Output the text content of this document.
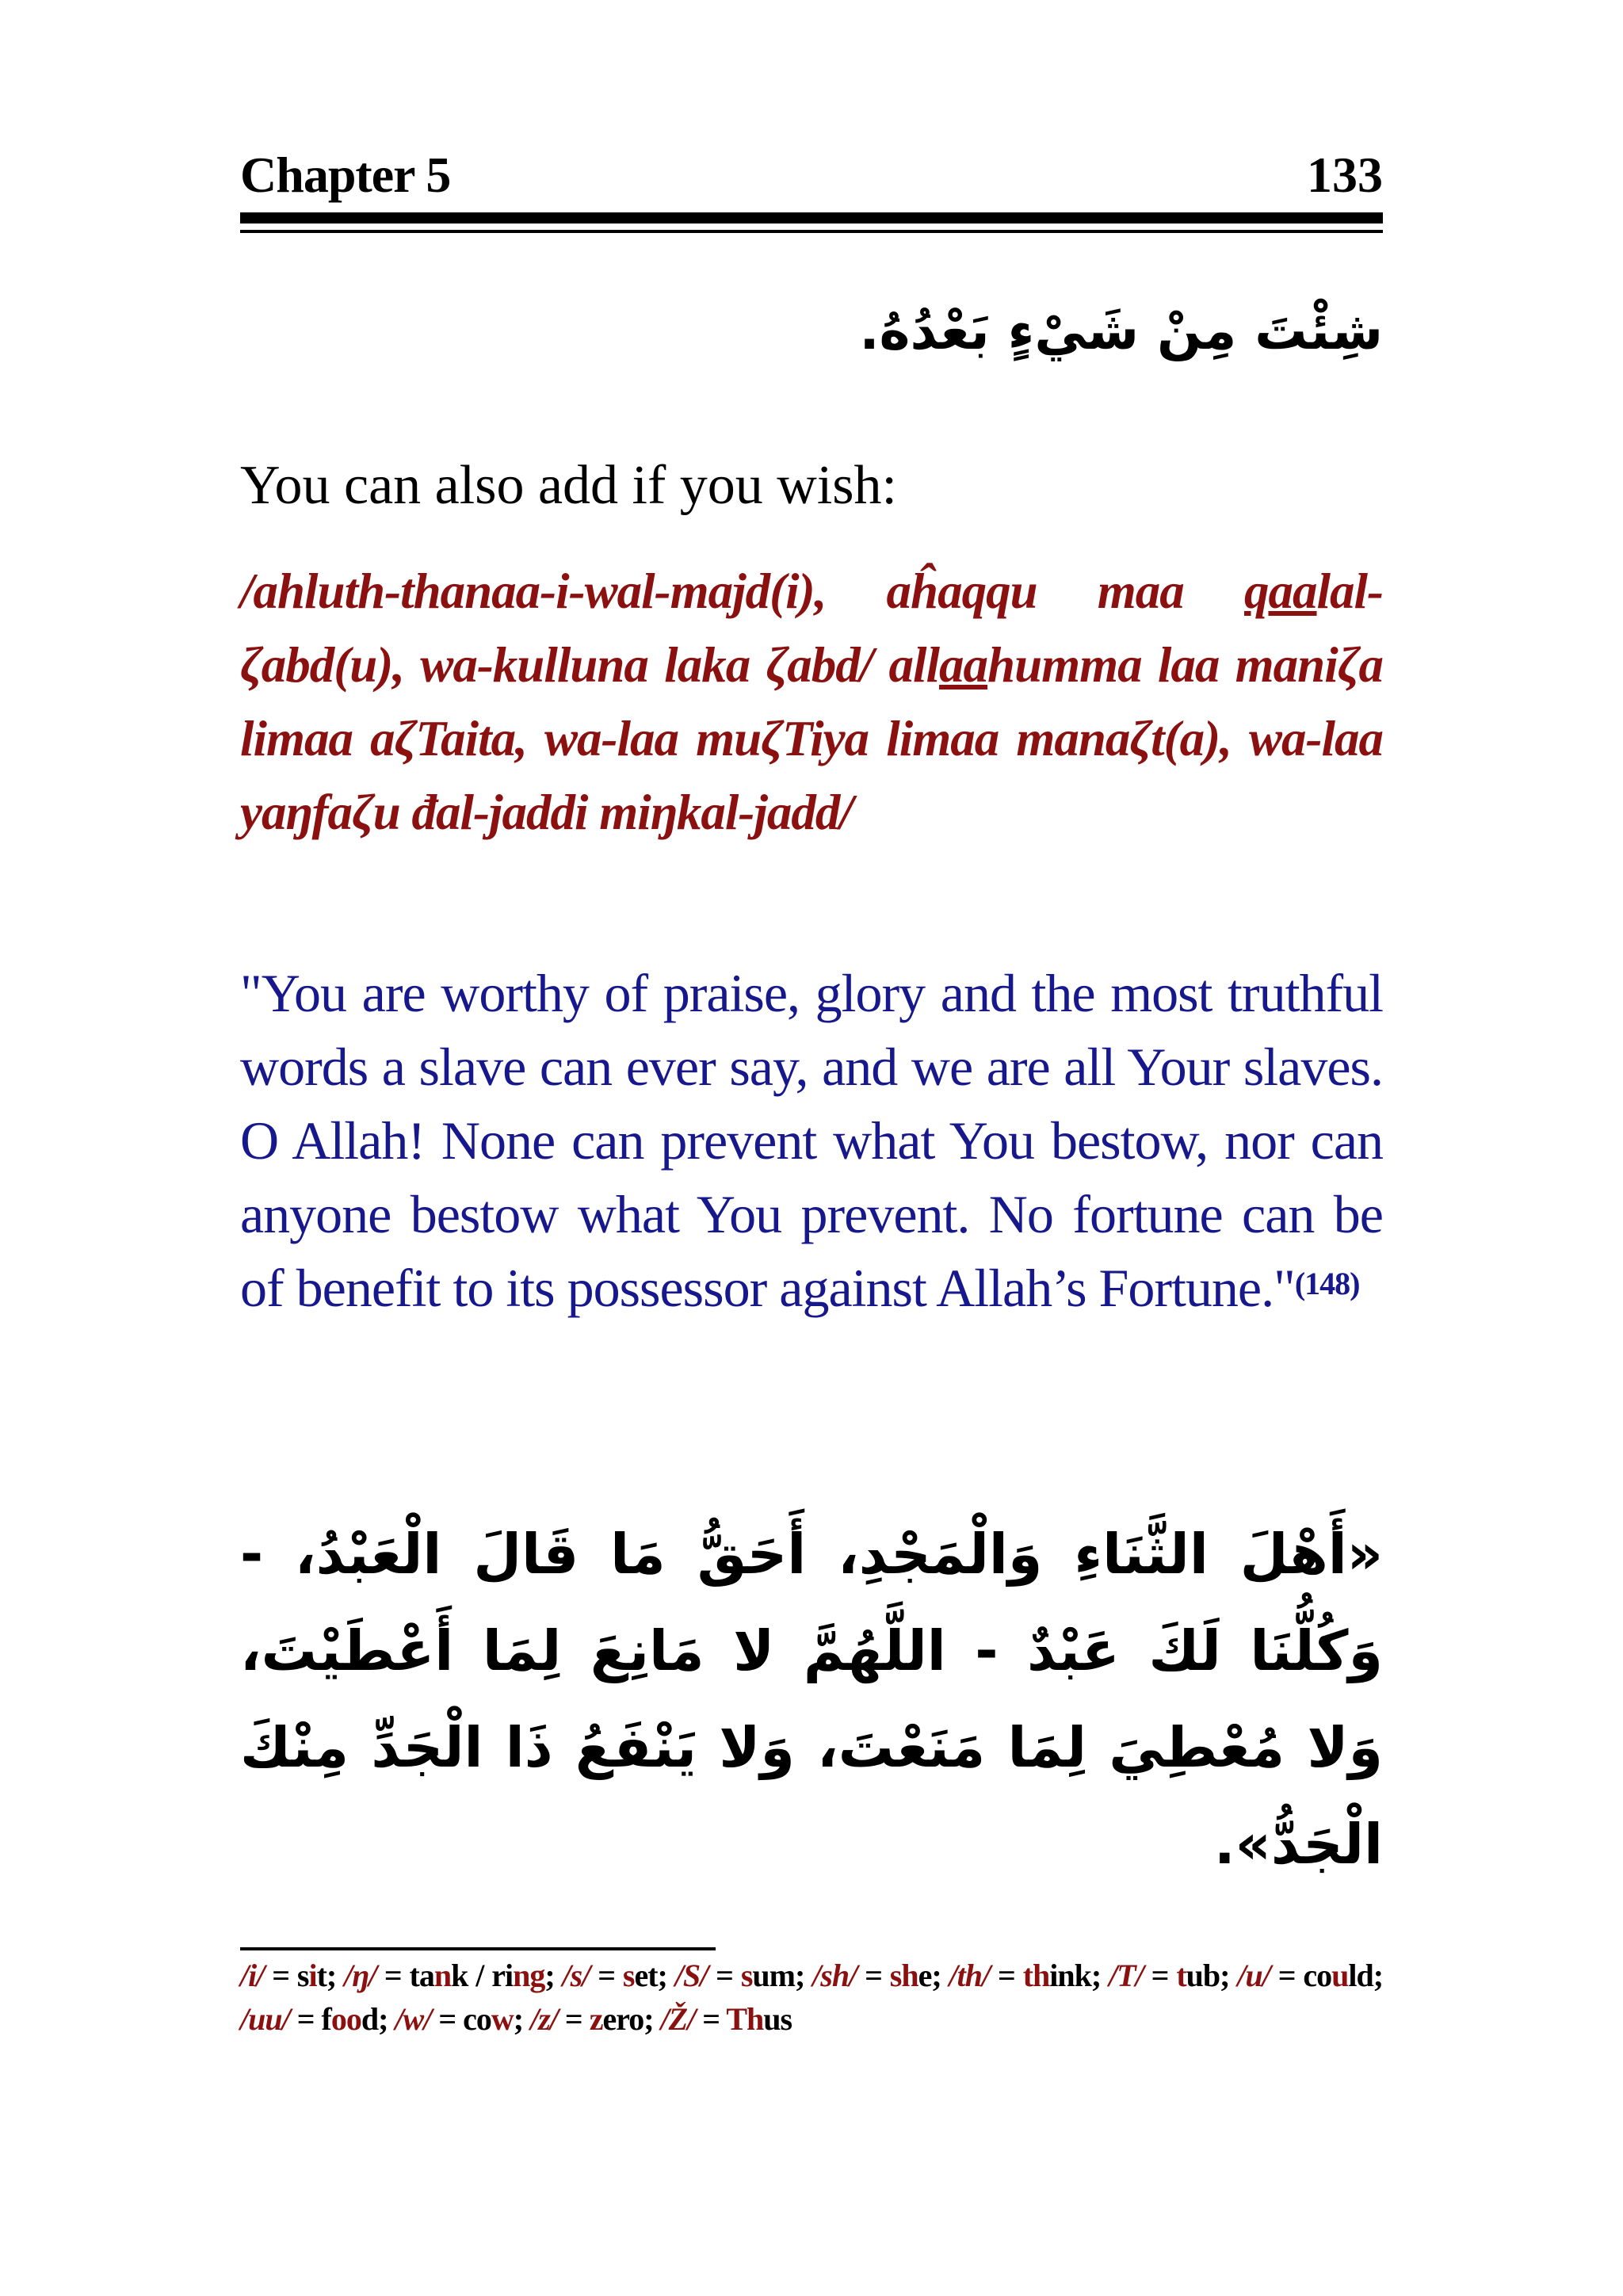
Chapter 5	133
شِئْتَ مِنْ شَيْءٍ بَعْدُهُ.
You can also add if you wish:
/ahluth-thanaa-i-wal-majd(i), aĥaqqu maa qaalal-ζabd(u), wa-kulluna laka ζabd/ allaahumma laa maniζa limaa aζTaita, wa-laa muζTiya limaa manaζt(a), wa-laa yaŋfaζu đal-jaddi miŋkal-jadd/
"You are worthy of praise, glory and the most truthful words a slave can ever say, and we are all Your slaves. O Allah! None can prevent what You bestow, nor can anyone bestow what You prevent. No fortune can be of benefit to its possessor against Allah’s Fortune."$^{(148)}$
«أَهْلَ الثَّنَاءِ وَالْمَجْدِ، أَحَقُّ مَا قَالَ الْعَبْدُ، - وَكُلُّنَا لَكَ عَبْدٌ - اللَّهُمَّ لا مَانِعَ لِمَا أَعْطَيْتَ، وَلا مُعْطِيَ لِمَا مَنَعْتَ، وَلا يَنْفَعُ ذَا الْجَدِّ مِنْكَ الْجَدُّ».
/i/ = sit; /ŋ/ = tank / ring; /s/ = set; /S/ = sum; /sh/ = she; /th/ = think; /T/ = tub; /u/ = could; /uu/ = food; /w/ = cow; /z/ = zero; /Ž/ = Thus
